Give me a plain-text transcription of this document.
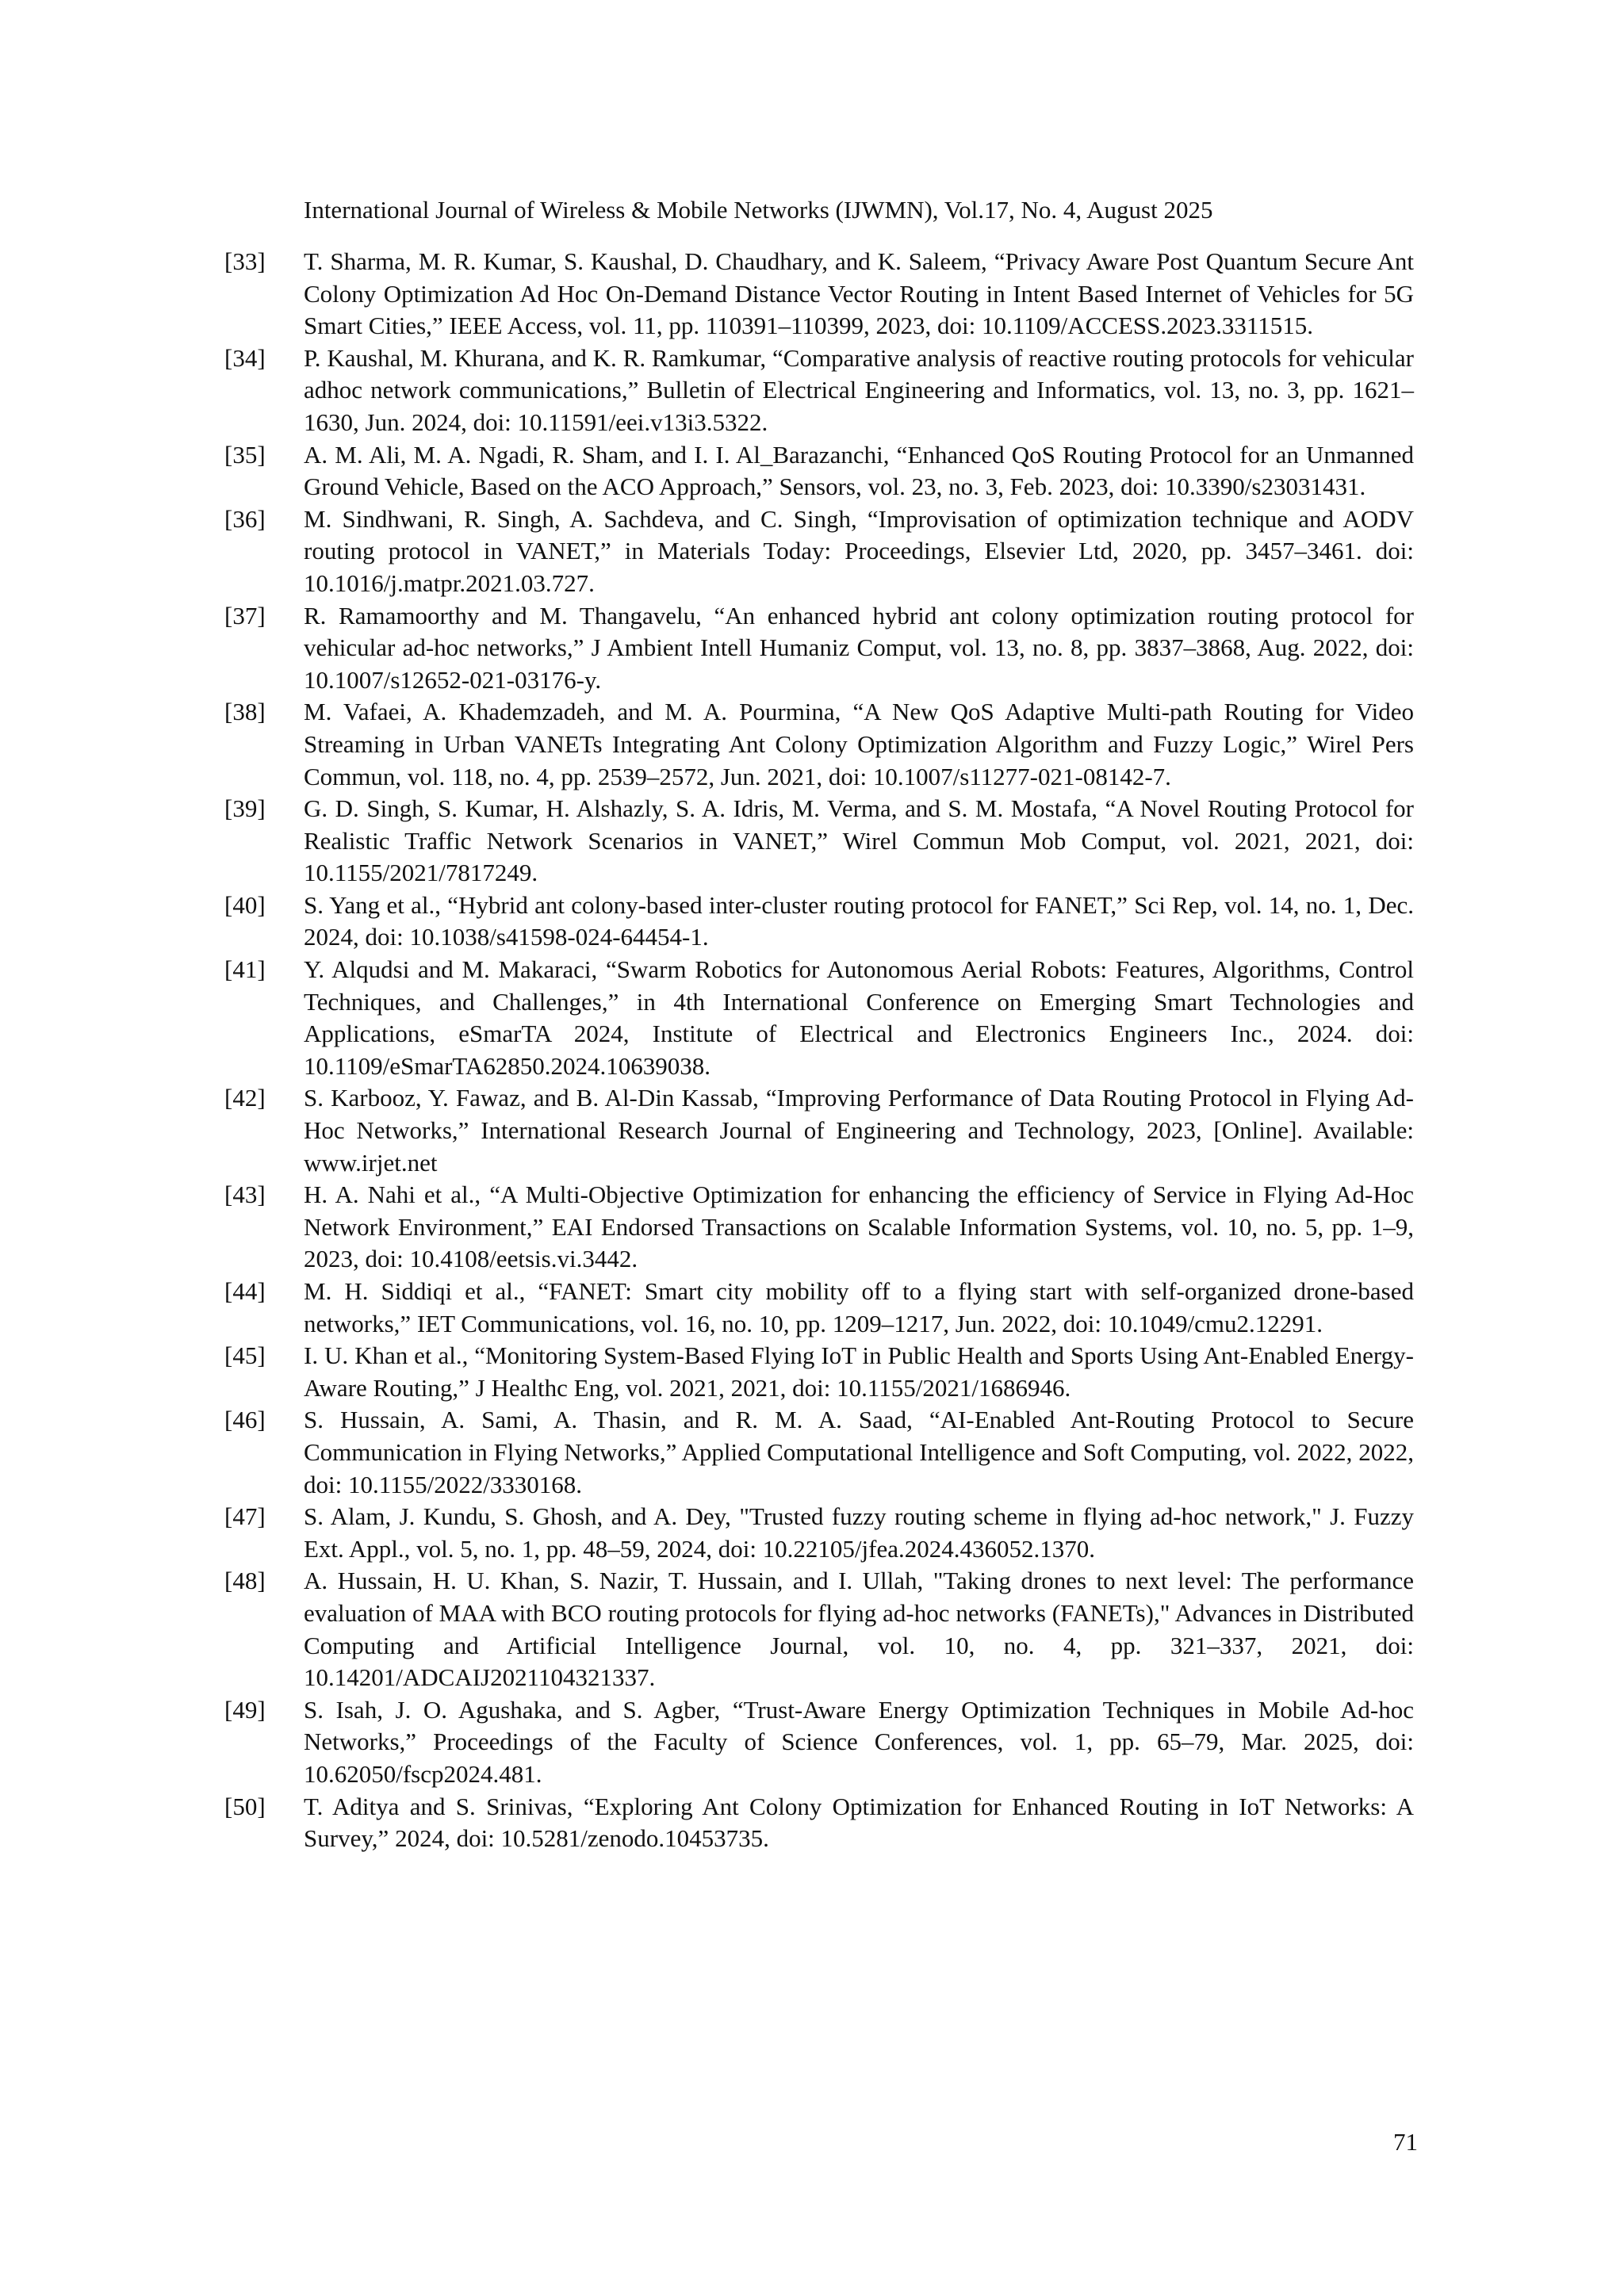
International Journal of Wireless & Mobile Networks (IJWMN), Vol.17, No. 4, August 2025
[33]	T. Sharma, M. R. Kumar, S. Kaushal, D. Chaudhary, and K. Saleem, “Privacy Aware Post Quantum Secure Ant Colony Optimization Ad Hoc On-Demand Distance Vector Routing in Intent Based Internet of Vehicles for 5G Smart Cities,” IEEE Access, vol. 11, pp. 110391–110399, 2023, doi: 10.1109/ACCESS.2023.3311515.
[34]	P. Kaushal, M. Khurana, and K. R. Ramkumar, “Comparative analysis of reactive routing protocols for vehicular adhoc network communications,” Bulletin of Electrical Engineering and Informatics, vol. 13, no. 3, pp. 1621–1630, Jun. 2024, doi: 10.11591/eei.v13i3.5322.
[35]	A. M. Ali, M. A. Ngadi, R. Sham, and I. I. Al_Barazanchi, “Enhanced QoS Routing Protocol for an Unmanned Ground Vehicle, Based on the ACO Approach,” Sensors, vol. 23, no. 3, Feb. 2023, doi: 10.3390/s23031431.
[36]	M. Sindhwani, R. Singh, A. Sachdeva, and C. Singh, “Improvisation of optimization technique and AODV routing protocol in VANET,” in Materials Today: Proceedings, Elsevier Ltd, 2020, pp. 3457–3461. doi: 10.1016/j.matpr.2021.03.727.
[37]	R. Ramamoorthy and M. Thangavelu, “An enhanced hybrid ant colony optimization routing protocol for vehicular ad-hoc networks,” J Ambient Intell Humaniz Comput, vol. 13, no. 8, pp. 3837–3868, Aug. 2022, doi: 10.1007/s12652-021-03176-y.
[38]	M. Vafaei, A. Khademzadeh, and M. A. Pourmina, “A New QoS Adaptive Multi-path Routing for Video Streaming in Urban VANETs Integrating Ant Colony Optimization Algorithm and Fuzzy Logic,” Wirel Pers Commun, vol. 118, no. 4, pp. 2539–2572, Jun. 2021, doi: 10.1007/s11277-021-08142-7.
[39]	G. D. Singh, S. Kumar, H. Alshazly, S. A. Idris, M. Verma, and S. M. Mostafa, “A Novel Routing Protocol for Realistic Traffic Network Scenarios in VANET,” Wirel Commun Mob Comput, vol. 2021, 2021, doi: 10.1155/2021/7817249.
[40]	S. Yang et al., “Hybrid ant colony-based inter-cluster routing protocol for FANET,” Sci Rep, vol. 14, no. 1, Dec. 2024, doi: 10.1038/s41598-024-64454-1.
[41]	Y. Alqudsi and M. Makaraci, “Swarm Robotics for Autonomous Aerial Robots: Features, Algorithms, Control Techniques, and Challenges,” in 4th International Conference on Emerging Smart Technologies and Applications, eSmarTA 2024, Institute of Electrical and Electronics Engineers Inc., 2024. doi: 10.1109/eSmarTA62850.2024.10639038.
[42]	S. Karbooz, Y. Fawaz, and B. Al-Din Kassab, “Improving Performance of Data Routing Protocol in Flying Ad-Hoc Networks,” International Research Journal of Engineering and Technology, 2023, [Online]. Available: www.irjet.net
[43]	H. A. Nahi et al., “A Multi-Objective Optimization for enhancing the efficiency of Service in Flying Ad-Hoc Network Environment,” EAI Endorsed Transactions on Scalable Information Systems, vol. 10, no. 5, pp. 1–9, 2023, doi: 10.4108/eetsis.vi.3442.
[44]	M. H. Siddiqi et al., “FANET: Smart city mobility off to a flying start with self-organized drone-based networks,” IET Communications, vol. 16, no. 10, pp. 1209–1217, Jun. 2022, doi: 10.1049/cmu2.12291.
[45]	I. U. Khan et al., “Monitoring System-Based Flying IoT in Public Health and Sports Using Ant-Enabled Energy-Aware Routing,” J Healthc Eng, vol. 2021, 2021, doi: 10.1155/2021/1686946.
[46]	S. Hussain, A. Sami, A. Thasin, and R. M. A. Saad, “AI-Enabled Ant-Routing Protocol to Secure Communication in Flying Networks,” Applied Computational Intelligence and Soft Computing, vol. 2022, 2022, doi: 10.1155/2022/3330168.
[47]	S. Alam, J. Kundu, S. Ghosh, and A. Dey, "Trusted fuzzy routing scheme in flying ad-hoc network," J. Fuzzy Ext. Appl., vol. 5, no. 1, pp. 48–59, 2024, doi: 10.22105/jfea.2024.436052.1370.
[48]	A. Hussain, H. U. Khan, S. Nazir, T. Hussain, and I. Ullah, "Taking drones to next level: The performance evaluation of MAA with BCO routing protocols for flying ad-hoc networks (FANETs)," Advances in Distributed Computing and Artificial Intelligence Journal, vol. 10, no. 4, pp. 321–337, 2021, doi: 10.14201/ADCAIJ2021104321337.
[49]	S. Isah, J. O. Agushaka, and S. Agber, “Trust-Aware Energy Optimization Techniques in Mobile Ad-hoc Networks,” Proceedings of the Faculty of Science Conferences, vol. 1, pp. 65–79, Mar. 2025, doi: 10.62050/fscp2024.481.
[50]	T. Aditya and S. Srinivas, “Exploring Ant Colony Optimization for Enhanced Routing in IoT Networks: A Survey,” 2024, doi: 10.5281/zenodo.10453735.
71
